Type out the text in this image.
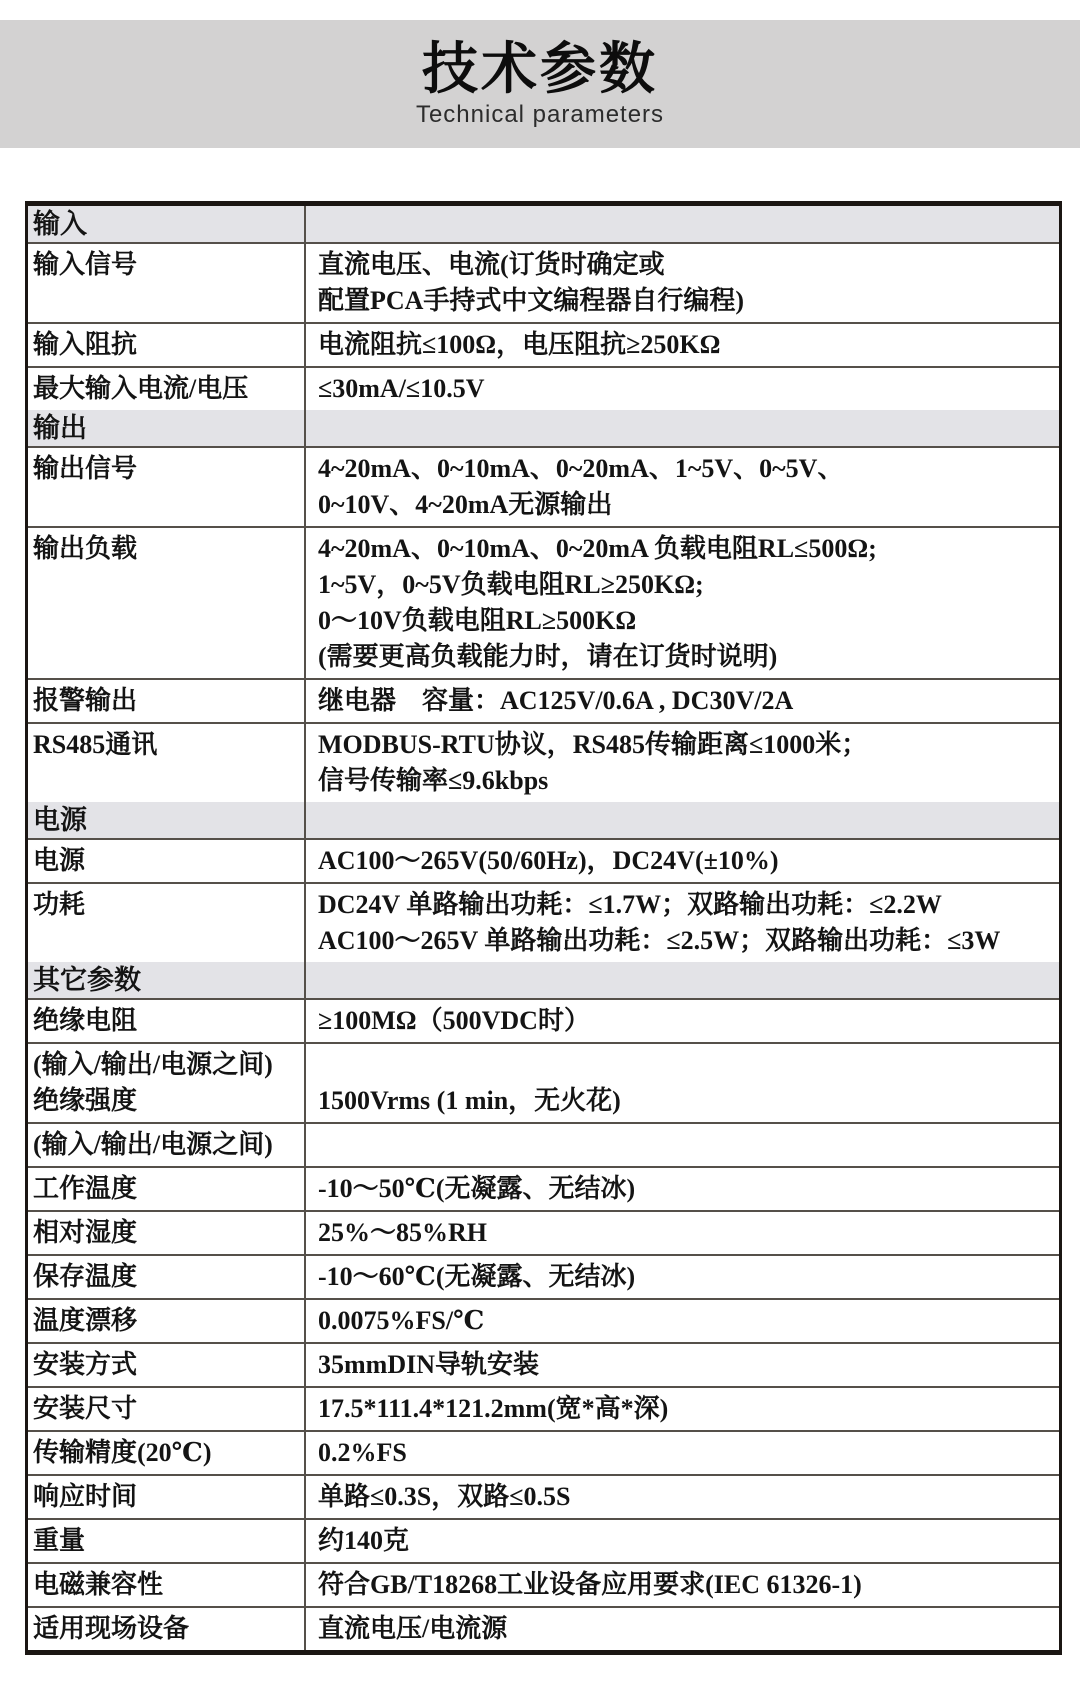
技术参数
Technical parameters
输入	

输入信号	直流电压、电流(订货时确定或
配置PCA手持式中文编程器自行编程)

输入阻抗	电流阻抗≤100Ω，电压阻抗≥250KΩ

最大输入电流/电压	≤30mA/≤10.5V

输出	

输出信号	4~20mA、0~10mA、0~20mA、1~5V、0~5V、
0~10V、4~20mA无源输出

输出负载	4~20mA、0~10mA、0~20mA 负载电阻RL≤500Ω;
1~5V，0~5V负载电阻RL≥250KΩ;
0～10V负载电阻RL≥500KΩ
(需要更高负载能力时，请在订货时说明)

报警输出	继电器　容量：AC125V/0.6A , DC30V/2A

RS485通讯	MODBUS-RTU协议，RS485传输距离≤1000米；
信号传输率≤9.6kbps

电源	

电源	AC100～265V(50/60Hz)，DC24V(±10%)

功耗	DC24V 单路输出功耗：≤1.7W；双路输出功耗：≤2.2W
AC100～265V 单路输出功耗：≤2.5W；双路输出功耗：≤3W

其它参数	

绝缘电阻	≥100MΩ（500VDC时）

(输入/输出/电源之间)
绝缘强度	1500Vrms (1 min，无火花)

(输入/输出/电源之间)	

工作温度	-10～50℃(无凝露、无结冰)

相对湿度	25%～85%RH

保存温度	-10～60℃(无凝露、无结冰)

温度漂移	0.0075%FS/℃

安装方式	35mmDIN导轨安装

安装尺寸	17.5*111.4*121.2mm(宽*高*深)

传输精度(20℃)	0.2%FS

响应时间	单路≤0.3S，双路≤0.5S

重量	约140克

电磁兼容性	符合GB/T18268工业设备应用要求(IEC 61326-1)

适用现场设备	直流电压/电流源
